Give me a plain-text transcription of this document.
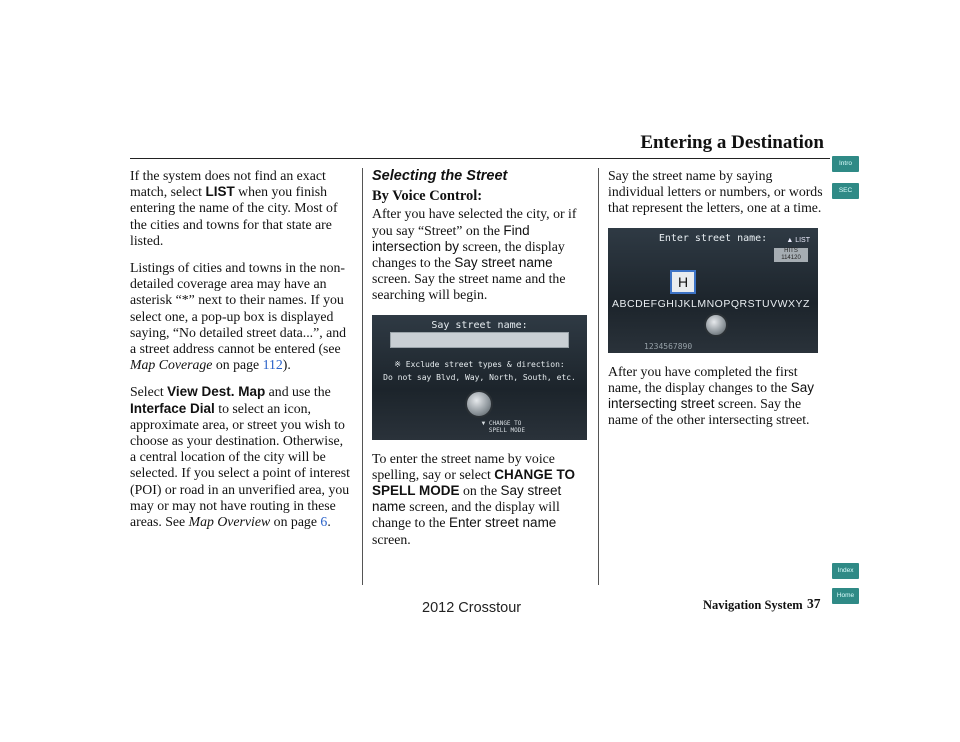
Entering a Destination
Intro
SEC
Index
Home

If the system does not find an exact match, select LIST when you finish entering the name of the city. Most of the cities and towns for that state are listed.

Listings of cities and towns in the non-detailed coverage area may have an asterisk “*” next to their names. If you select one, a pop-up box is displayed saying, “No detailed street data...”, and a street address cannot be entered (see Map Coverage on page 112).

Select View Dest. Map and use the Interface Dial to select an icon, approximate area, or street you wish to choose as your destination. Otherwise, a central location of the city will be selected. If you select a point of interest (POI) or road in an unverified area, you may or may not have routing in these areas. See Map Overview on page 6.

Selecting the Street
By Voice Control:

After you have selected the city, or if you say “Street” on the Find intersection by screen, the display changes to the Say street name screen. Say the street name and the searching will begin.

Say street name:
※ Exclude street types & direction:
Do not say Blvd, Way, North, South, etc.
▼ CHANGE TO
SPELL MODE

To enter the street name by voice spelling, say or select CHANGE TO SPELL MODE on the Say street name screen, and the display will change to the Enter street name screen.

Say the street name by saying individual letters or numbers, or words that represent the letters, one at a time.

Enter street name:	▲ LIST
HITS
114120
H
ABCDEFGHIJKLMNOPQRSTUVWXYZ
1234567890

After you have completed the first name, the display changes to the Say intersecting street screen. Say the name of the other intersecting street.

2012 Crosstour	Navigation System 37
